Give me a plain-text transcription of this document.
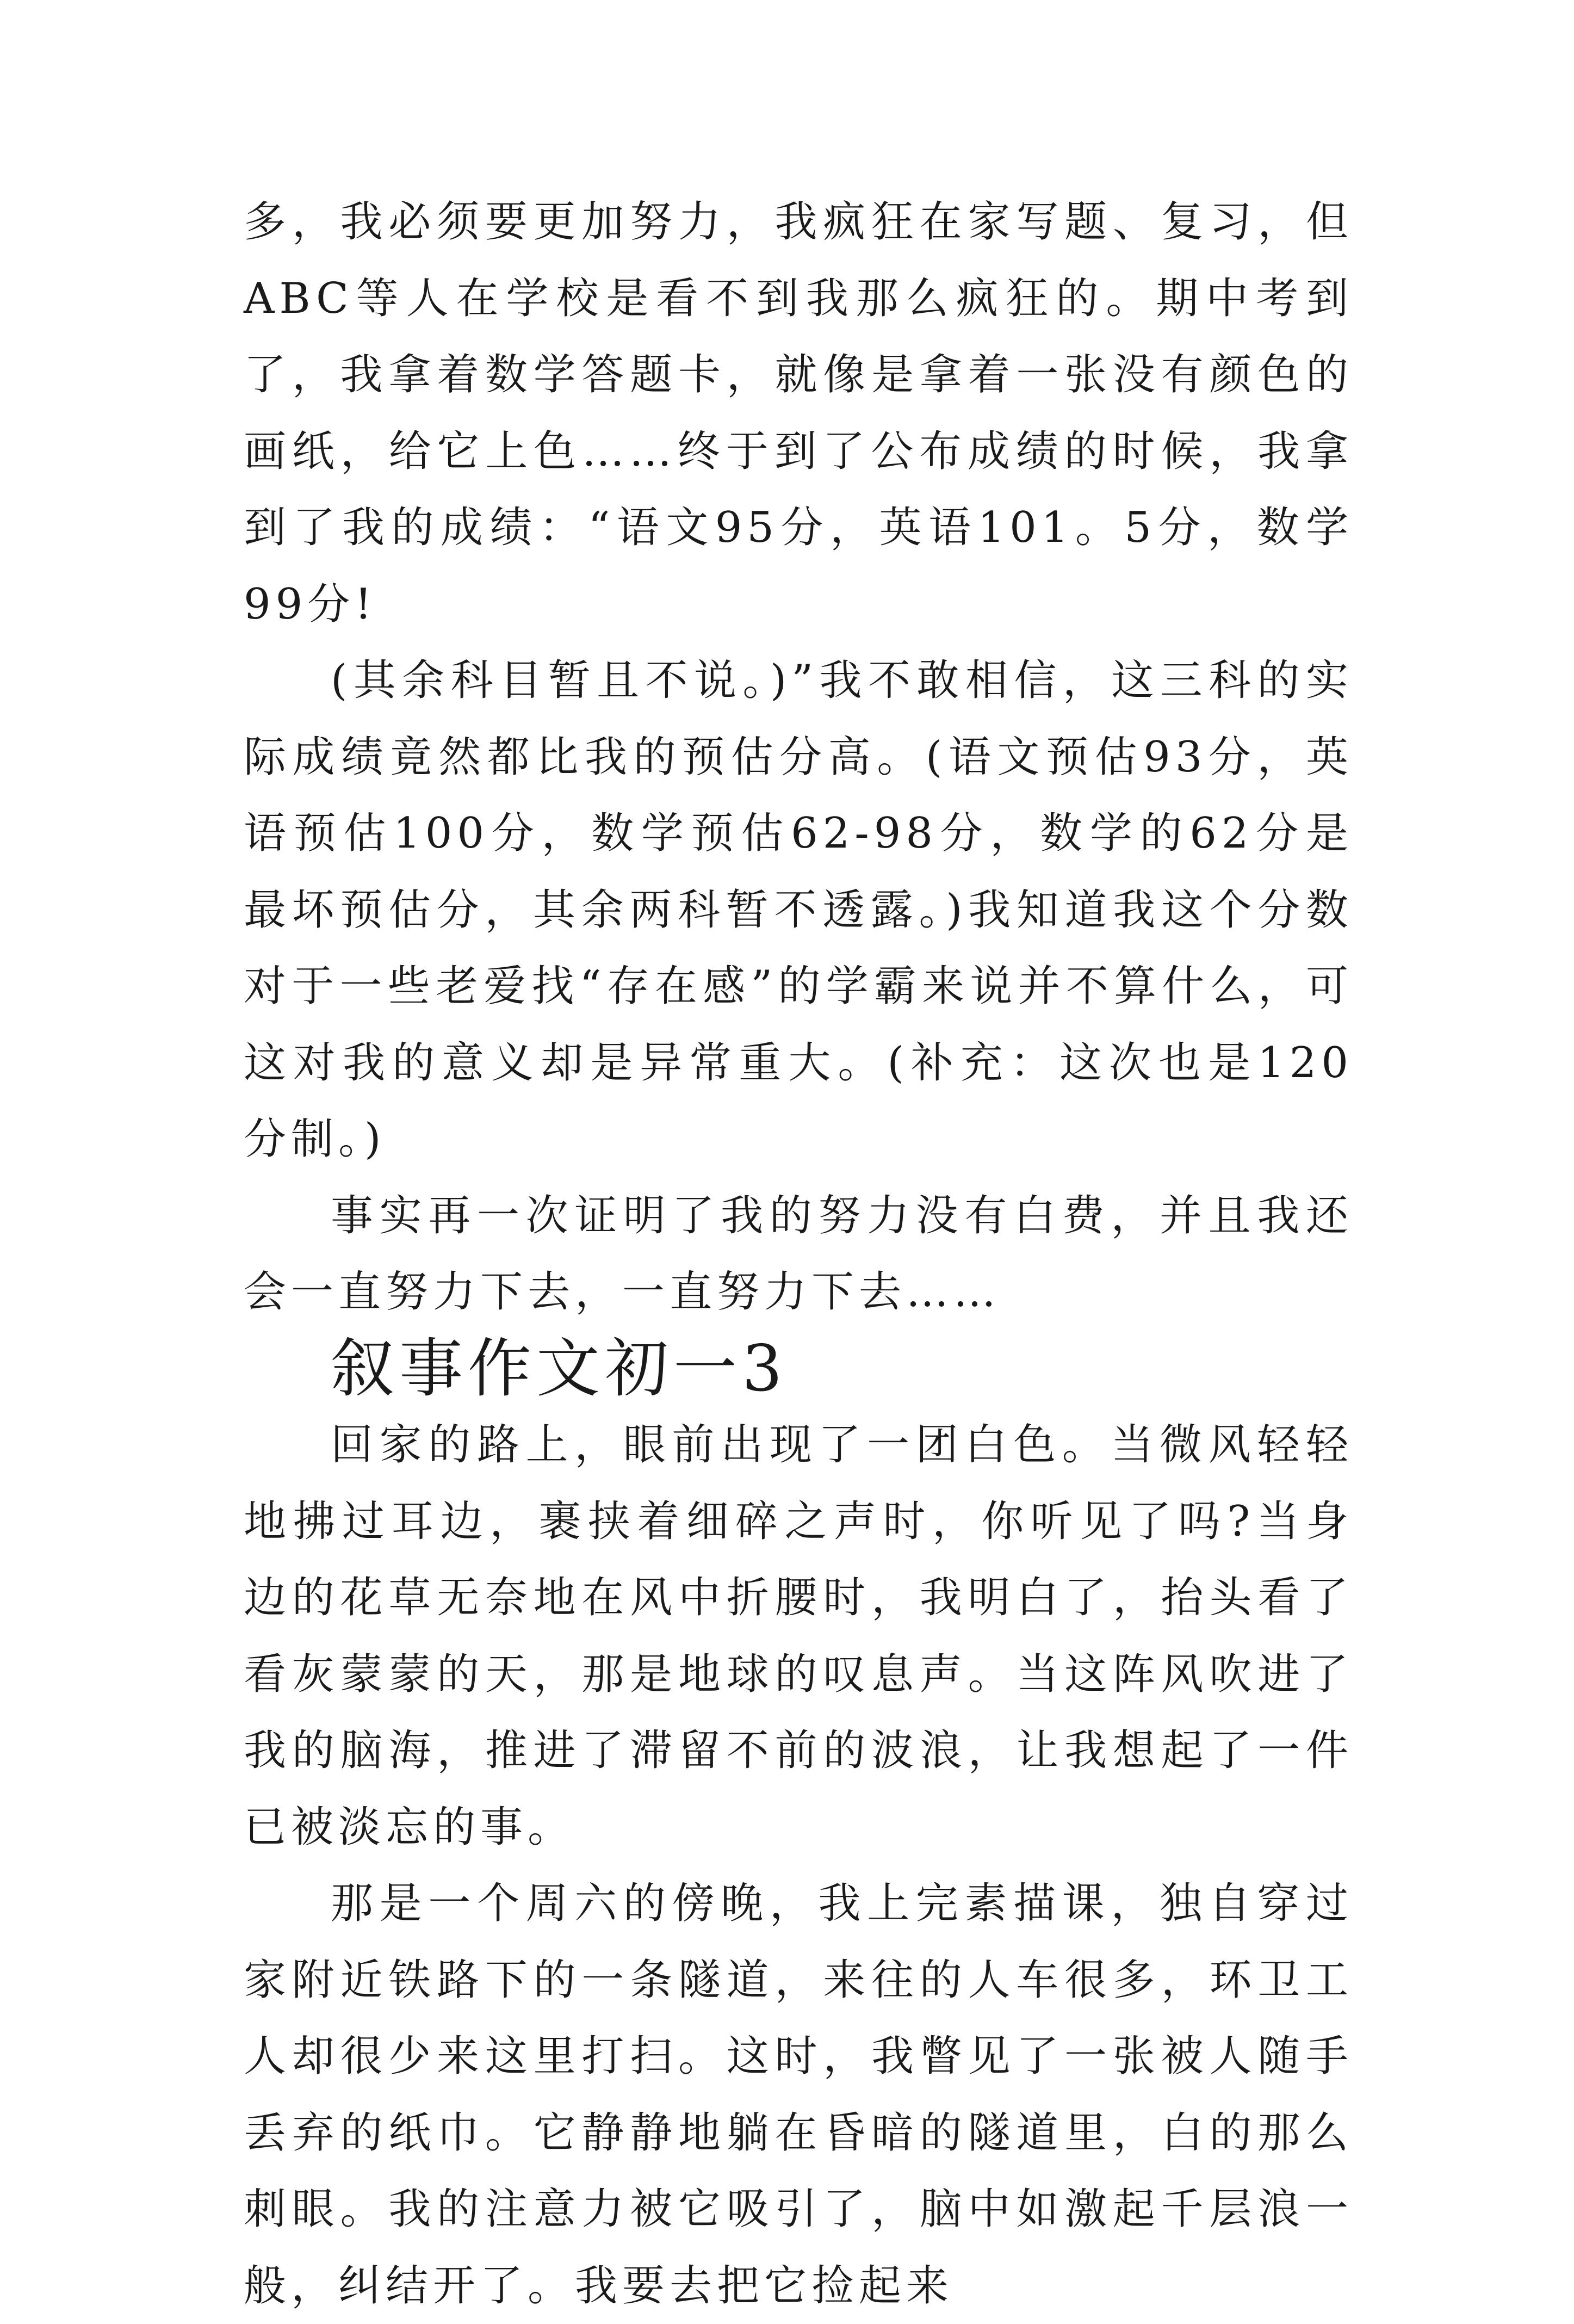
多，我必须要更加努力，我疯狂在家写题、复习，但ABC等人在学校是看不到我那么疯狂的。期中考到了，我拿着数学答题卡，就像是拿着一张没有颜色的画纸，给它上色……终于到了公布成绩的时候，我拿到了我的成绩：“语文95分，英语101。5分，数学99分!

(其余科目暂且不说。)”我不敢相信，这三科的实际成绩竟然都比我的预估分高。(语文预估93分，英语预估100分，数学预估62-98分，数学的62分是最坏预估分，其余两科暂不透露。)我知道我这个分数对于一些老爱找“存在感”的学霸来说并不算什么，可这对我的意义却是异常重大。(补充：这次也是120分制。)

事实再一次证明了我的努力没有白费，并且我还会一直努力下去，一直努力下去……

叙事作文初一3

回家的路上，眼前出现了一团白色。当微风轻轻地拂过耳边，裹挟着细碎之声时，你听见了吗?当身边的花草无奈地在风中折腰时，我明白了，抬头看了看灰蒙蒙的天，那是地球的叹息声。当这阵风吹进了我的脑海，推进了滞留不前的波浪，让我想起了一件已被淡忘的事。

那是一个周六的傍晚，我上完素描课，独自穿过家附近铁路下的一条隧道，来往的人车很多，环卫工人却很少来这里打扫。这时，我瞥见了一张被人随手丢弃的纸巾。它静静地躺在昏暗的隧道里，白的那么刺眼。我的注意力被它吸引了，脑中如激起千层浪一般，纠结开了。我要去把它捡起来
